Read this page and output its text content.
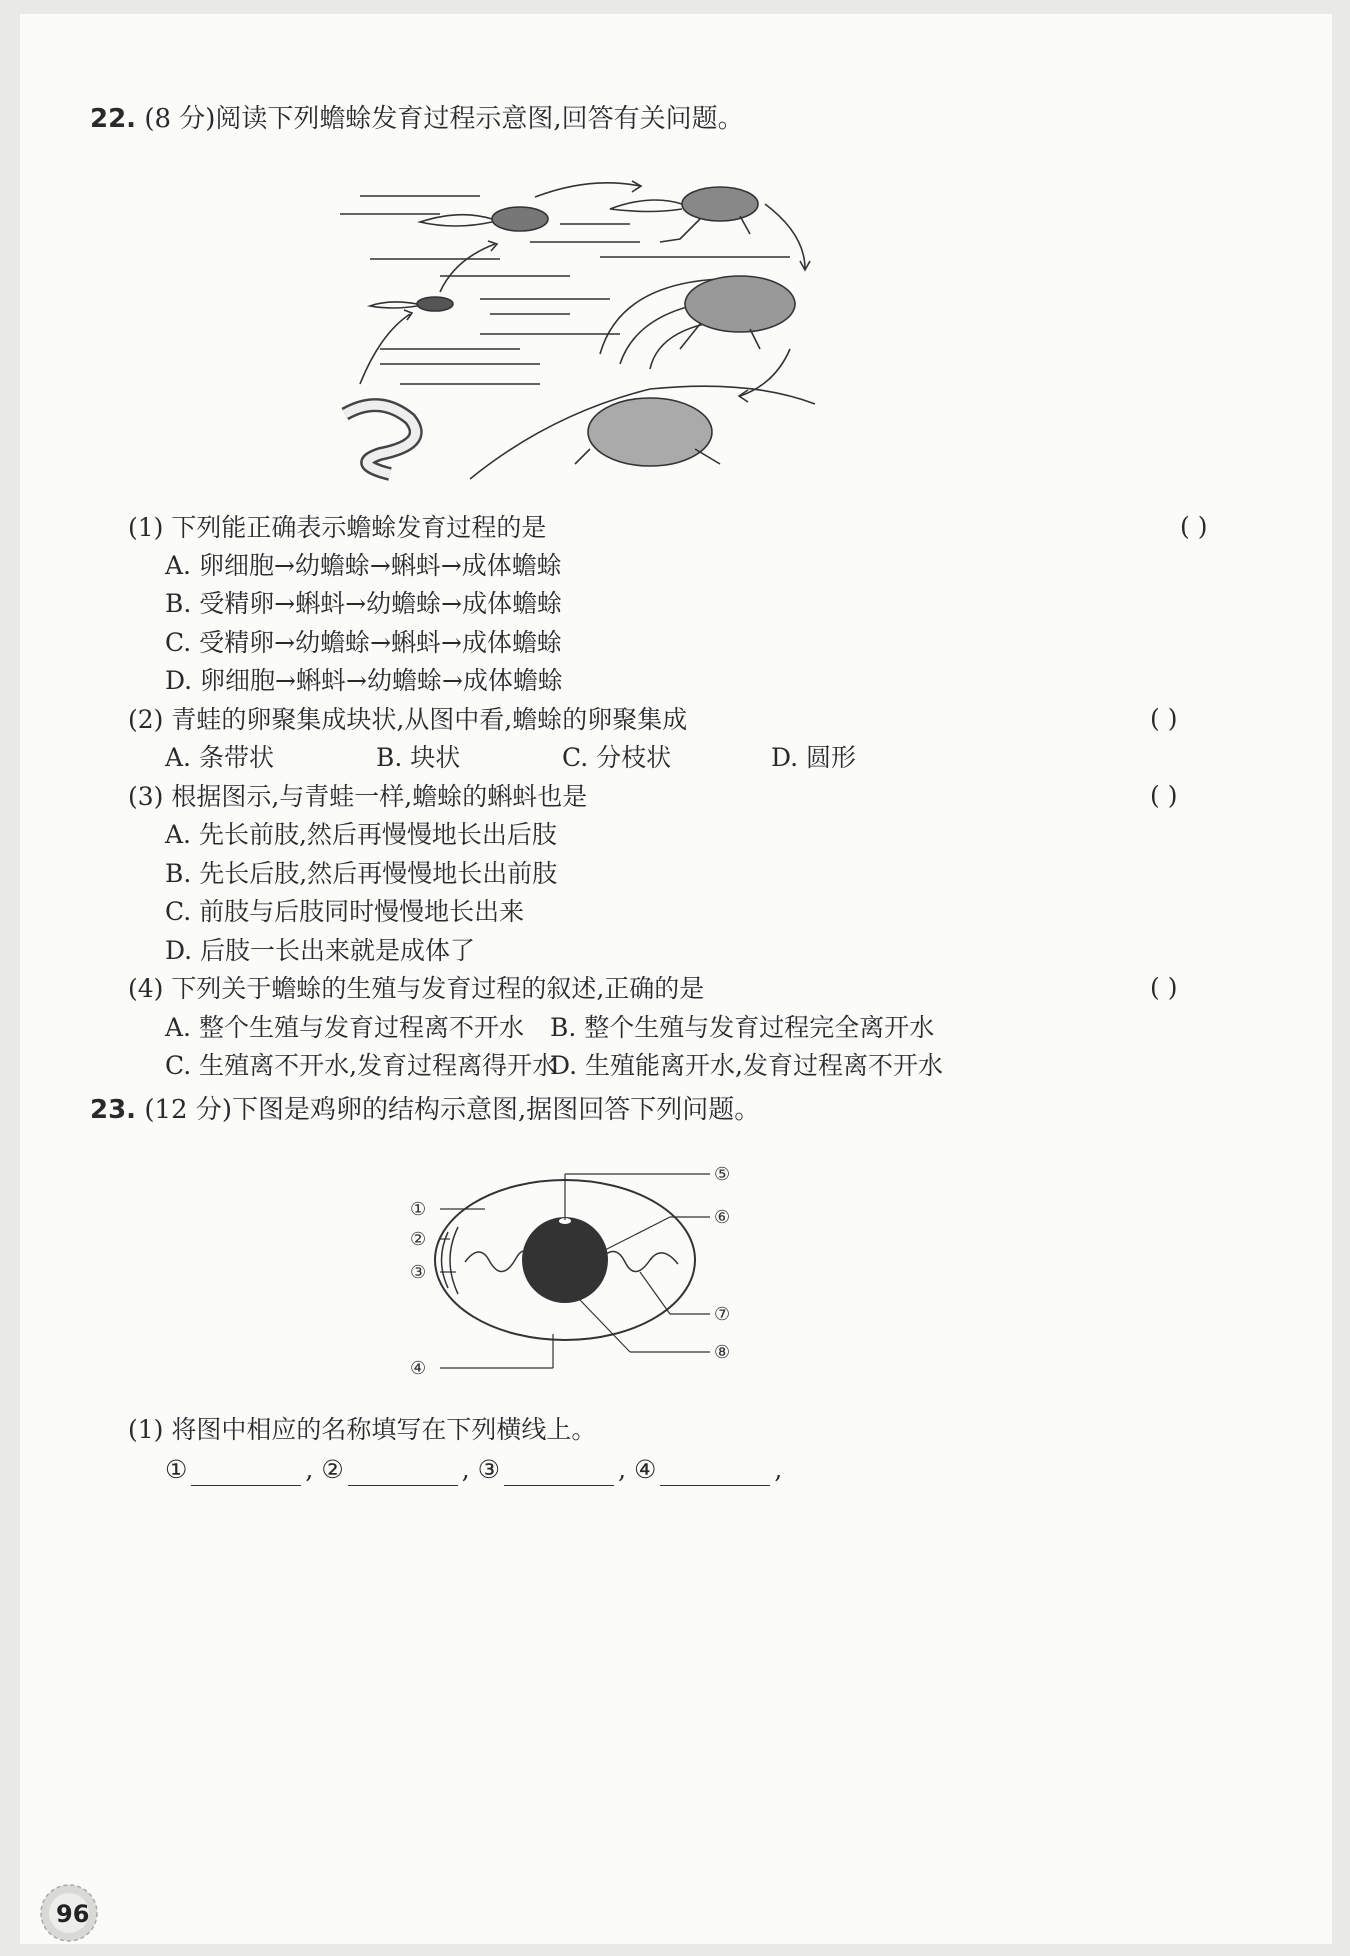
22. (8 分)阅读下列蟾蜍发育过程示意图,回答有关问题。
(1) 下列能正确表示蟾蜍发育过程的是	( )
A. 卵细胞→幼蟾蜍→蝌蚪→成体蟾蜍
B. 受精卵→蝌蚪→幼蟾蜍→成体蟾蜍
C. 受精卵→幼蟾蜍→蝌蚪→成体蟾蜍
D. 卵细胞→蝌蚪→幼蟾蜍→成体蟾蜍
(2) 青蛙的卵聚集成块状,从图中看,蟾蜍的卵聚集成	( )
A. 条带状	B. 块状	C. 分枝状	D. 圆形
(3) 根据图示,与青蛙一样,蟾蜍的蝌蚪也是	( )
A. 先长前肢,然后再慢慢地长出后肢
B. 先长后肢,然后再慢慢地长出前肢
C. 前肢与后肢同时慢慢地长出来
D. 后肢一长出来就是成体了
(4) 下列关于蟾蜍的生殖与发育过程的叙述,正确的是	( )
A. 整个生殖与发育过程离不开水 B. 整个生殖与发育过程完全离开水
C. 生殖离不开水,发育过程离得开水
D. 生殖能离开水,发育过程离不开水
23. (12 分)下图是鸡卵的结构示意图,据图回答下列问题。
①
②
③
④
⑤
⑥
⑦
⑧
(1) 将图中相应的名称填写在下列横线上。
①	, ②	, ③	, ④	,
96
